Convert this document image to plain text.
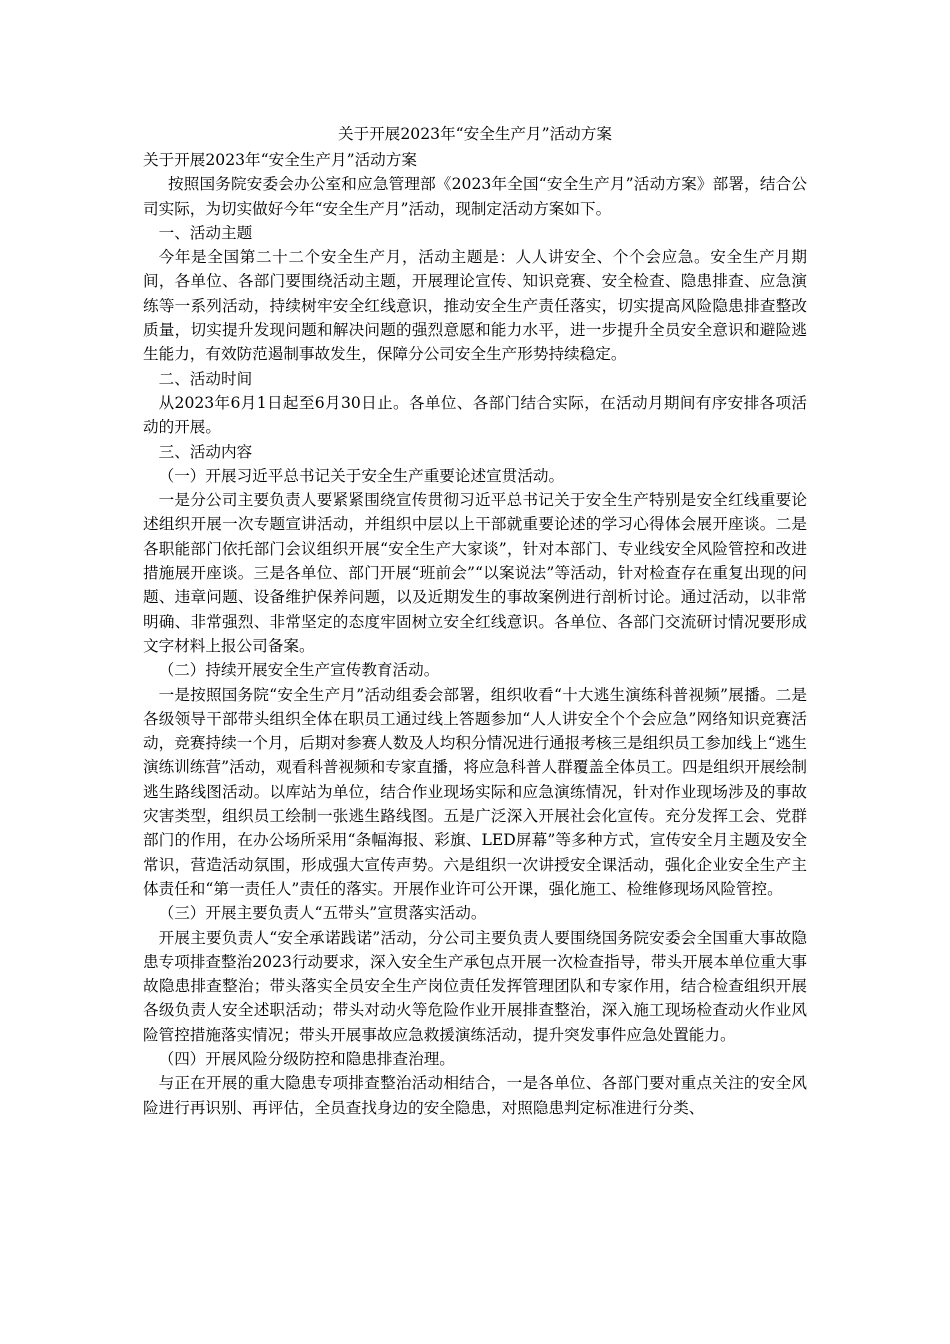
关于开展2023年“安全生产月”活动方案
关于开展2023年“安全生产月”活动方案

按照国务院安委会办公室和应急管理部《2023年全国“安全生产月”活动方案》部署，结合公司实际，为切实做好今年“安全生产月”活动，现制定活动方案如下。

一、活动主题

今年是全国第二十二个安全生产月，活动主题是：人人讲安全、个个会应急。安全生产月期间，各单位、各部门要围绕活动主题，开展理论宣传、知识竞赛、安全检查、隐患排查、应急演练等一系列活动，持续树牢安全红线意识，推动安全生产责任落实，切实提高风险隐患排查整改质量，切实提升发现问题和解决问题的强烈意愿和能力水平，进一步提升全员安全意识和避险逃生能力，有效防范遏制事故发生，保障分公司安全生产形势持续稳定。

二、活动时间

从2023年6月1日起至6月30日止。各单位、各部门结合实际，在活动月期间有序安排各项活动的开展。

三、活动内容

（一）开展习近平总书记关于安全生产重要论述宣贯活动。

一是分公司主要负责人要紧紧围绕宣传贯彻习近平总书记关于安全生产特别是安全红线重要论述组织开展一次专题宣讲活动，并组织中层以上干部就重要论述的学习心得体会展开座谈。二是各职能部门依托部门会议组织开展“安全生产大家谈”，针对本部门、专业线安全风险管控和改进措施展开座谈。三是各单位、部门开展“班前会”“以案说法”等活动，针对检查存在重复出现的问题、违章问题、设备维护保养问题，以及近期发生的事故案例进行剖析讨论。通过活动，以非常明确、非常强烈、非常坚定的态度牢固树立安全红线意识。各单位、各部门交流研讨情况要形成文字材料上报公司备案。

（二）持续开展安全生产宣传教育活动。

一是按照国务院“安全生产月”活动组委会部署，组织收看“十大逃生演练科普视频”展播。二是各级领导干部带头组织全体在职员工通过线上答题参加“人人讲安全个个会应急”网络知识竞赛活动，竞赛持续一个月，后期对参赛人数及人均积分情况进行通报考核三是组织员工参加线上“逃生演练训练营”活动，观看科普视频和专家直播，将应急科普人群覆盖全体员工。四是组织开展绘制逃生路线图活动。以库站为单位，结合作业现场实际和应急演练情况，针对作业现场涉及的事故灾害类型，组织员工绘制一张逃生路线图。五是广泛深入开展社会化宣传。充分发挥工会、党群部门的作用，在办公场所采用“条幅海报、彩旗、LED屏幕”等多种方式，宣传安全月主题及安全常识，营造活动氛围，形成强大宣传声势。六是组织一次讲授安全课活动，强化企业安全生产主体责任和“第一责任人”责任的落实。开展作业许可公开课，强化施工、检维修现场风险管控。

（三）开展主要负责人“五带头”宣贯落实活动。

开展主要负责人“安全承诺践诺”活动，分公司主要负责人要围绕国务院安委会全国重大事故隐患专项排查整治2023行动要求，深入安全生产承包点开展一次检查指导，带头开展本单位重大事故隐患排查整治；带头落实全员安全生产岗位责任发挥管理团队和专家作用，结合检查组织开展各级负责人安全述职活动；带头对动火等危险作业开展排查整治，深入施工现场检查动火作业风险管控措施落实情况；带头开展事故应急救援演练活动，提升突发事件应急处置能力。

（四）开展风险分级防控和隐患排查治理。

与正在开展的重大隐患专项排查整治活动相结合，一是各单位、各部门要对重点关注的安全风险进行再识别、再评估，全员查找身边的安全隐患，对照隐患判定标准进行分类、
